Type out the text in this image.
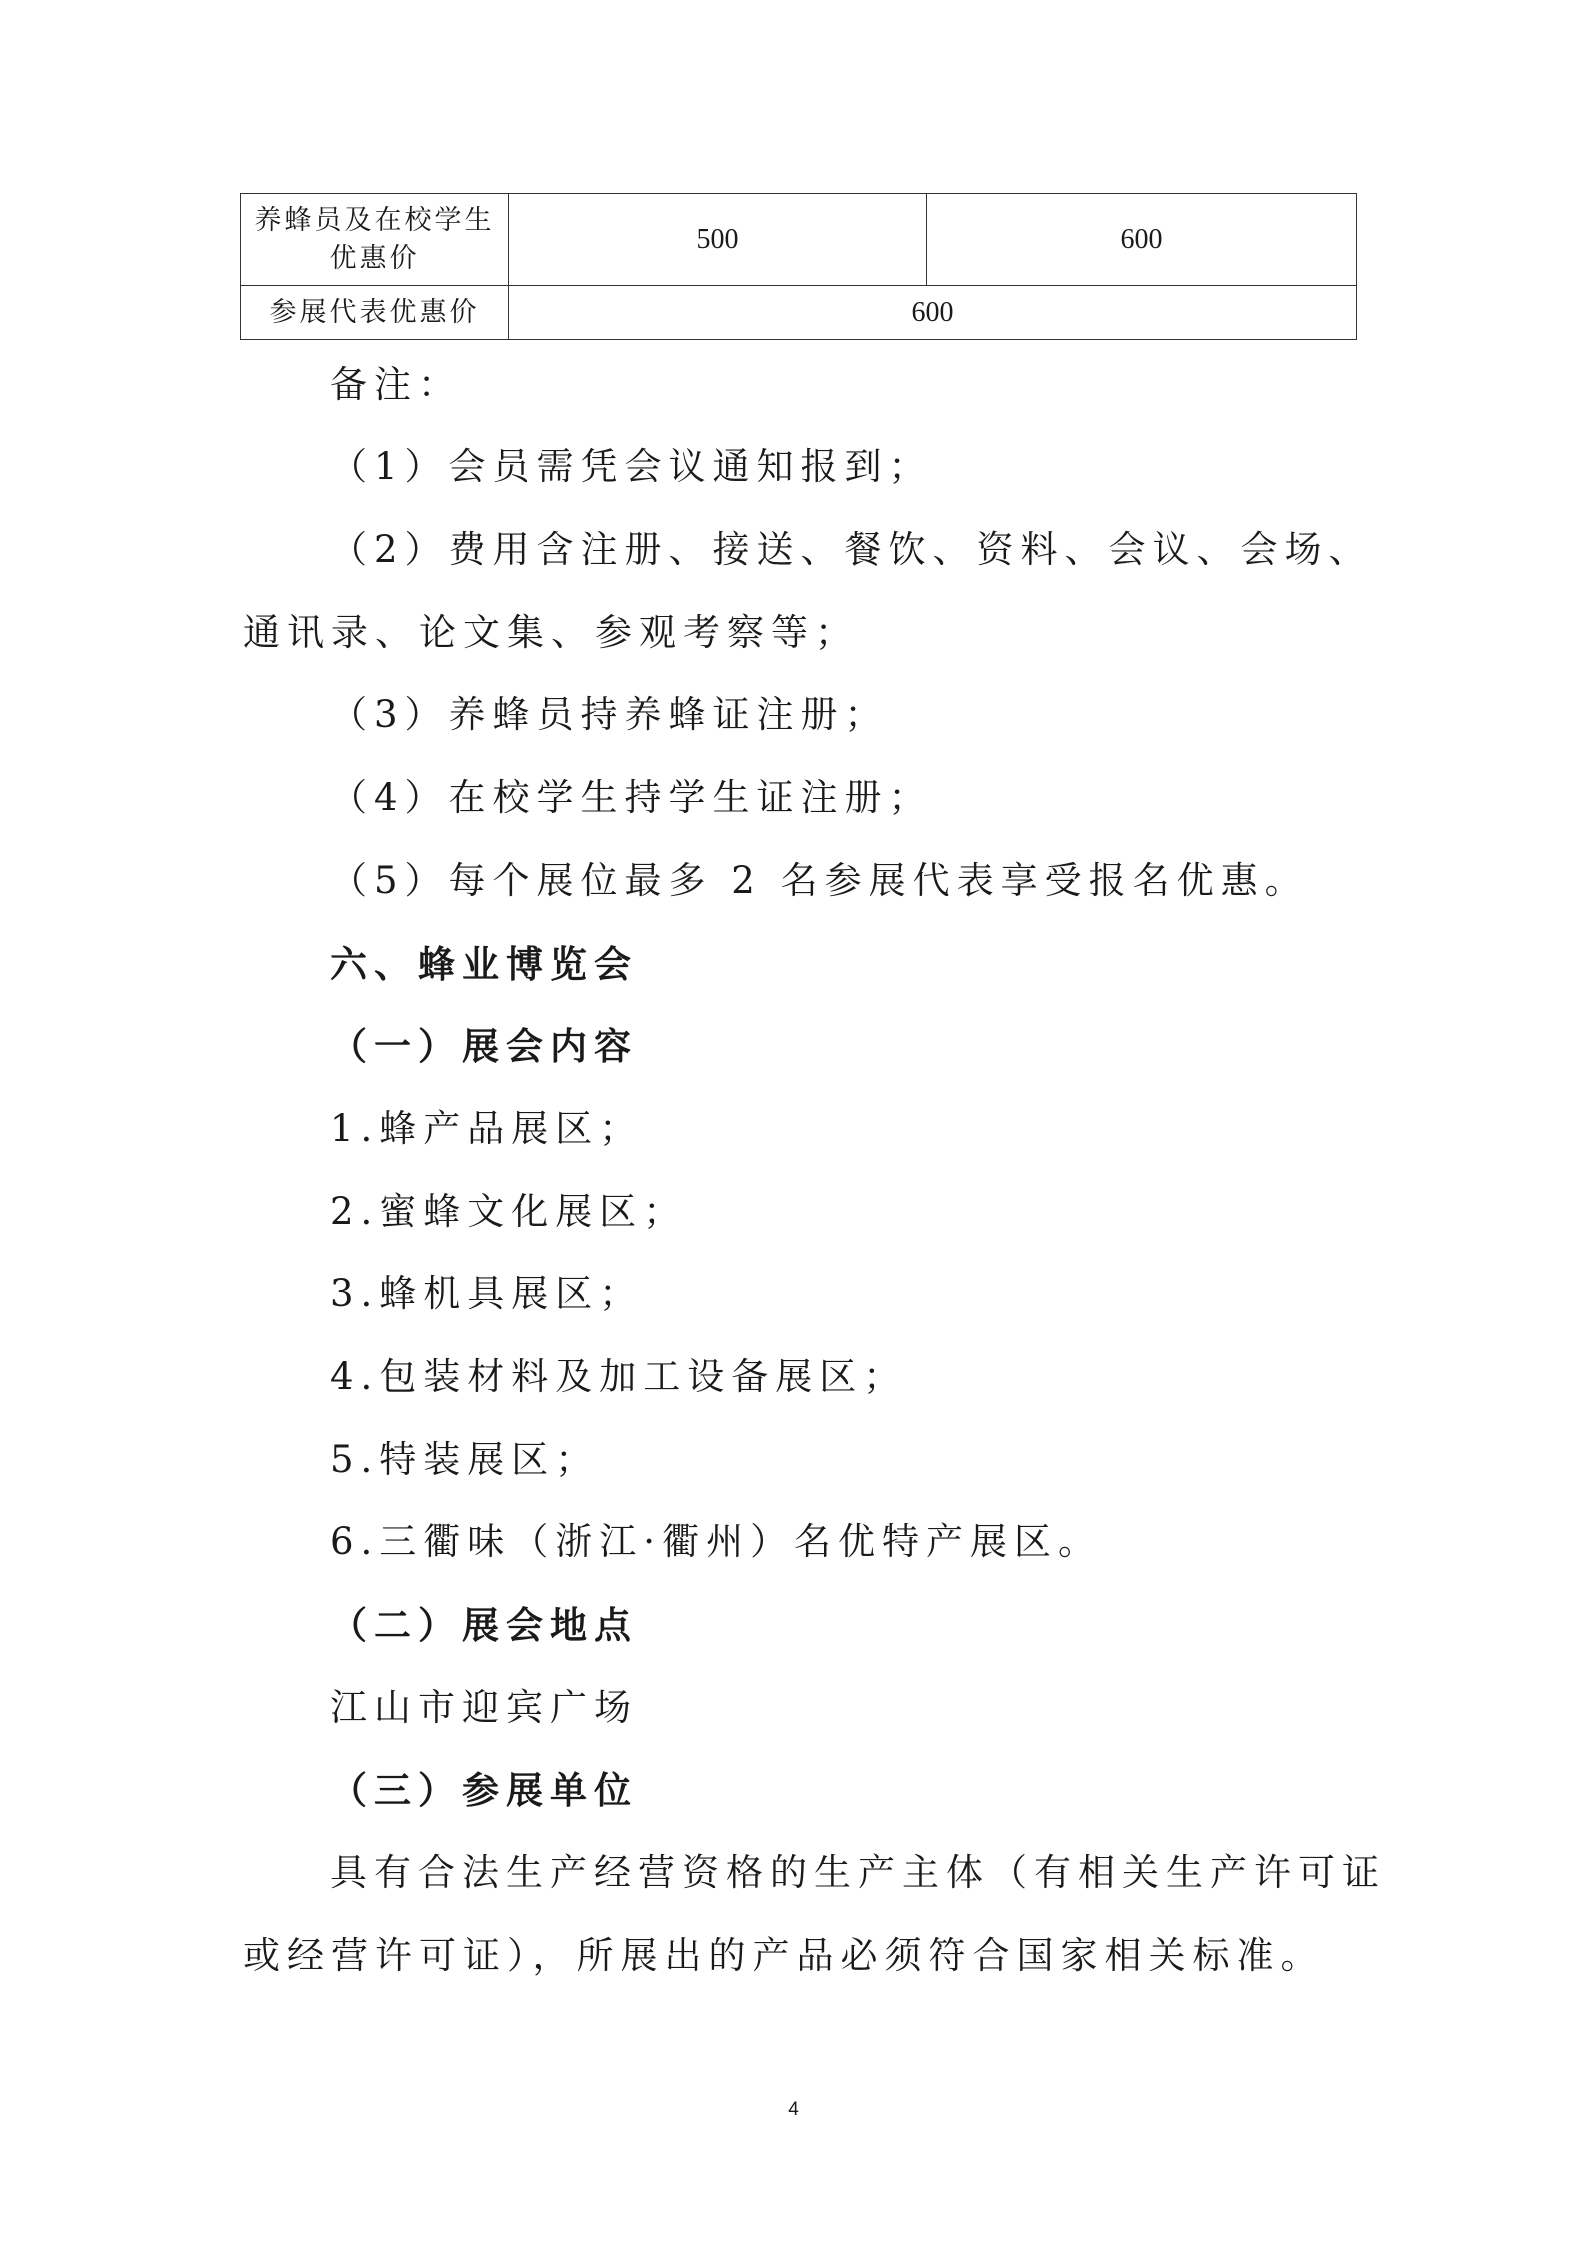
养蜂员及在校学生优惠价	500	600
参展代表优惠价	600	
备注：
（1）会员需凭会议通知报到；
（2）费用含注册、接送、餐饮、资料、会议、会场、
通讯录、论文集、参观考察等；
（3）养蜂员持养蜂证注册；
（4）在校学生持学生证注册；
（5）每个展位最多 2 名参展代表享受报名优惠。
六、蜂业博览会
（一）展会内容
1.蜂产品展区；
2.蜜蜂文化展区；
3.蜂机具展区；
4.包装材料及加工设备展区；
5.特装展区；
6.三衢味（浙江·衢州）名优特产展区。
（二）展会地点
江山市迎宾广场
（三）参展单位
具有合法生产经营资格的生产主体（有相关生产许可证
或经营许可证），所展出的产品必须符合国家相关标准。
4
